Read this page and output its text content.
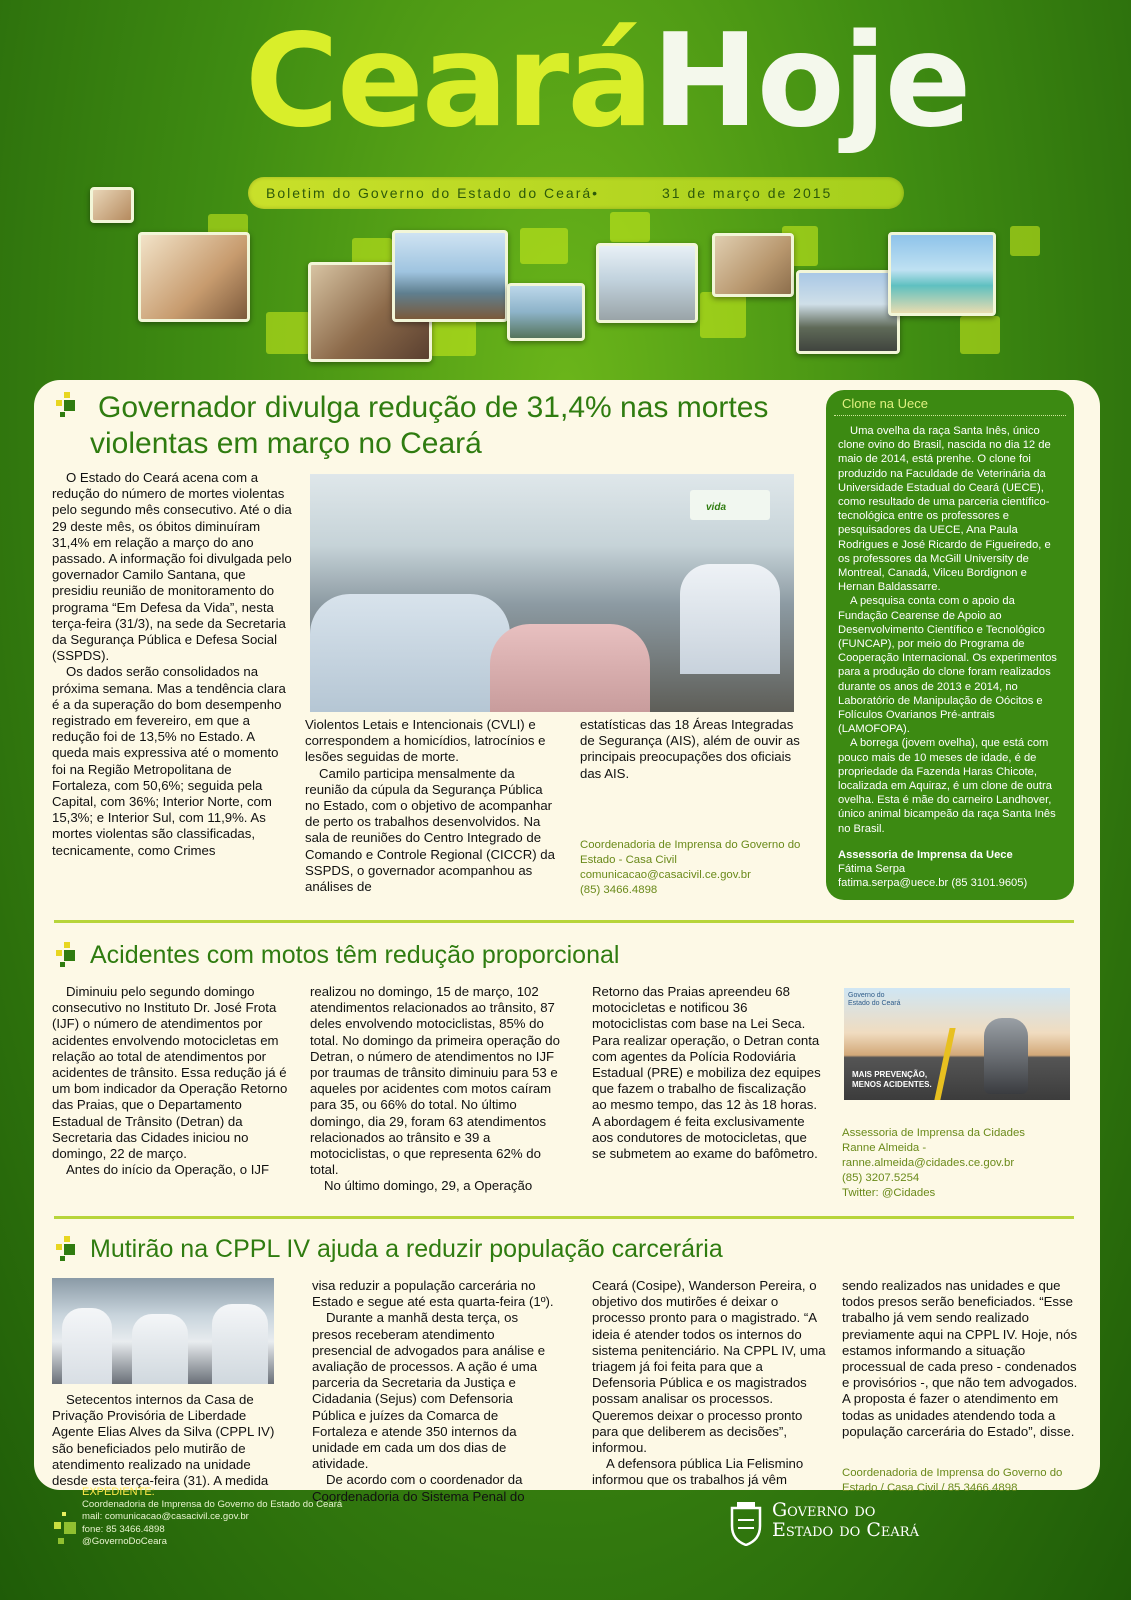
CearáHoje
Boletim do Governo do Estado do Ceará•	31 de março de 2015
Governador divulga redução de 31,4% nas mortes
violentas em março no Ceará

O Estado do Ceará acena com a redução do número de mortes violentas pelo segundo mês consecutivo. Até o dia 29 deste mês, os óbitos diminuíram 31,4% em relação a março do ano passado. A informação foi divulgada pelo governador Camilo Santana, que presidiu reunião de monitoramento do programa “Em Defesa da Vida”, nesta terça-feira (31/3), na sede da Secretaria da Segurança Pública e Defesa Social (SSPDS).

Os dados serão consolidados na próxima semana. Mas a tendência clara é a da superação do bom desempenho registrado em fevereiro, em que a redução foi de 13,5% no Estado. A queda mais expressiva até o momento foi na Região Metropolitana de Fortaleza, com 50,6%; seguida pela Capital, com 36%; Interior Norte, com 15,3%; e Interior Sul, com 11,9%. As mortes violentas são classificadas, tecnicamente, como Crimes

vida

Violentos Letais e Intencionais (CVLI) e correspondem a homicídios, latrocínios e lesões seguidas de morte.

Camilo participa mensalmente da reunião da cúpula da Segurança Pública no Estado, com o objetivo de acompanhar de perto os trabalhos desenvolvidos. Na sala de reuniões do Centro Integrado de Comando e Controle Regional (CICCR) da SSPDS, o governador acompanhou as análises de

estatísticas das 18 Áreas Integradas de Segurança (AIS), além de ouvir as principais preocupações dos oficiais das AIS.

Coordenadoria de Imprensa do Governo do
Estado - Casa Civil
comunicacao@casacivil.ce.gov.br
(85) 3466.4898
Clone na Uece

Uma ovelha da raça Santa Inês, único clone ovino do Brasil, nascida no dia 12 de maio de 2014, está prenhe. O clone foi produzido na Faculdade de Veterinária da Universidade Estadual do Ceará (UECE), como resultado de uma parceria científico-tecnológica entre os professores e pesquisadores da UECE, Ana Paula Rodrigues e José Ricardo de Figueiredo, e os professores da McGill University de Montreal, Canadá, Vilceu Bordignon e Hernan Baldassarre.

A pesquisa conta com o apoio da Fundação Cearense de Apoio ao Desenvolvimento Científico e Tecnológico (FUNCAP), por meio do Programa de Cooperação Internacional. Os experimentos para a produção do clone foram realizados durante os anos de 2013 e 2014, no Laboratório de Manipulação de Oócitos e Folículos Ovarianos Pré-antrais (LAMOFOPA).

A borrega (jovem ovelha), que está com pouco mais de 10 meses de idade, é de propriedade da Fazenda Haras Chicote, localizada em Aquiraz, é um clone de outra ovelha. Esta é mãe do carneiro Landhover, único animal bicampeão da raça Santa Inês no Brasil.

Assessoria de Imprensa da Uece
Fátima Serpa
fatima.serpa@uece.br (85 3101.9605)
Acidentes com motos têm redução proporcional

Diminuiu pelo segundo domingo consecutivo no Instituto Dr. José Frota (IJF) o número de atendimentos por acidentes envolvendo motocicletas em relação ao total de atendimentos por acidentes de trânsito. Essa redução já é um bom indicador da Operação Retorno das Praias, que o Departamento Estadual de Trânsito (Detran) da Secretaria das Cidades iniciou no domingo, 22 de março.

Antes do início da Operação, o IJF

realizou no domingo, 15 de março, 102 atendimentos relacionados ao trânsito, 87 deles envolvendo motociclistas, 85% do total. No domingo da primeira operação do Detran, o número de atendimentos no IJF por traumas de trânsito diminuiu para 53 e aqueles por acidentes com motos caíram para 35, ou 66% do total. No último domingo, dia 29, foram 63 atendimentos relacionados ao trânsito e 39 a motociclistas, o que representa 62% do total.

No último domingo, 29, a Operação

Retorno das Praias apreendeu 68 motocicletas e notificou 36 motociclistas com base na Lei Seca. Para realizar operação, o Detran conta com agentes da Polícia Rodoviária Estadual (PRE) e mobiliza dez equipes que fazem o trabalho de fiscalização ao mesmo tempo, das 12 às 18 horas. A abordagem é feita exclusivamente aos condutores de motocicletas, que se submetem ao exame do bafômetro.

Governo do
Estado do Ceará
MAIS PREVENÇÃO,
MENOS ACIDENTES.
Assessoria de Imprensa da Cidades
Ranne Almeida -
ranne.almeida@cidades.ce.gov.br
(85) 3207.5254
Twitter: @Cidades
Mutirão na CPPL IV ajuda a reduzir população carcerária

Setecentos internos da Casa de Privação Provisória de Liberdade Agente Elias Alves da Silva (CPPL IV) são beneficiados pelo mutirão de atendimento realizado na unidade desde esta terça-feira (31). A medida

visa reduzir a população carcerária no Estado e segue até esta quarta-feira (1º).

Durante a manhã desta terça, os presos receberam atendimento presencial de advogados para análise e avaliação de processos. A ação é uma parceria da Secretaria da Justiça e Cidadania (Sejus) com Defensoria Pública e juízes da Comarca de Fortaleza e atende 350 internos da unidade em cada um dos dias de atividade.

De acordo com o coordenador da Coordenadoria do Sistema Penal do

Ceará (Cosipe), Wanderson Pereira, o objetivo dos mutirões é deixar o processo pronto para o magistrado. “A ideia é atender todos os internos do sistema penitenciário. Na CPPL IV, uma triagem já foi feita para que a Defensoria Pública e os magistrados possam analisar os processos. Queremos deixar o processo pronto para que deliberem as decisões”, informou.

A defensora pública Lia Felismino informou que os trabalhos já vêm

sendo realizados nas unidades e que todos presos serão beneficiados. “Esse trabalho já vem sendo realizado previamente aqui na CPPL IV. Hoje, nós estamos informando a situação processual de cada preso - condenados e provisórios -, que não tem advogados. A proposta é fazer o atendimento em todas as unidades atendendo toda a população carcerária do Estado”, disse.

Coordenadoria de Imprensa do Governo do
Estado / Casa Civil / 85 3466.4898
EXPEDIENTE:
Coordenadoria de Imprensa do Governo do Estado do Ceará
mail: comunicacao@casacivil.ce.gov.br
fone: 85 3466.4898
@GovernoDoCeara
Governo do
Estado do Ceará
